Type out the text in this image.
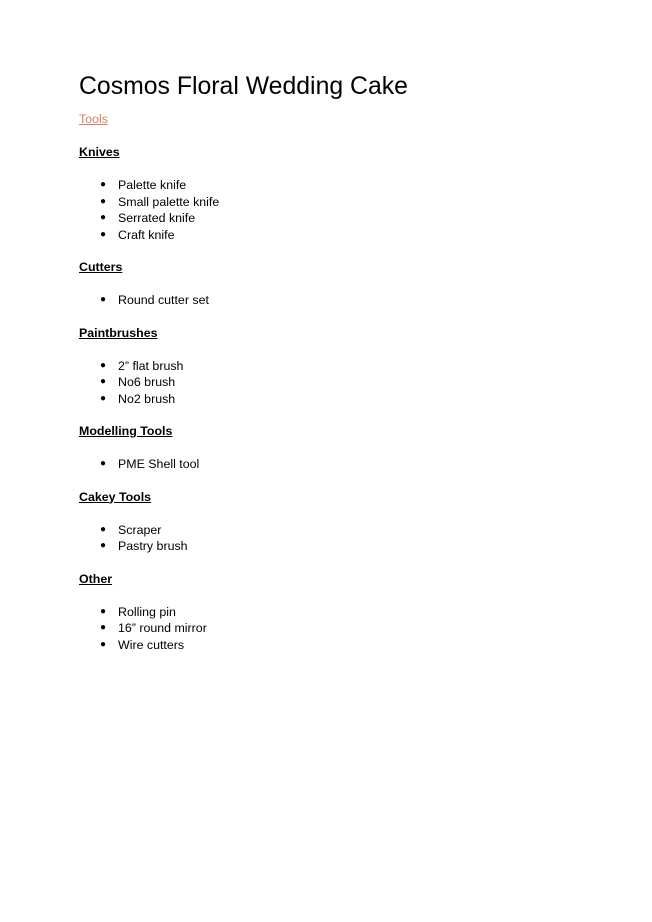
Cosmos Floral Wedding Cake
Tools
Knives
● Palette knife
● Small palette knife
● Serrated knife
● Craft knife
Cutters
● Round cutter set
Paintbrushes
● 2” flat brush
● No6 brush
● No2 brush
Modelling Tools
● PME Shell tool
Cakey Tools
● Scraper
● Pastry brush
Other
● Rolling pin
● 16” round mirror
● Wire cutters
